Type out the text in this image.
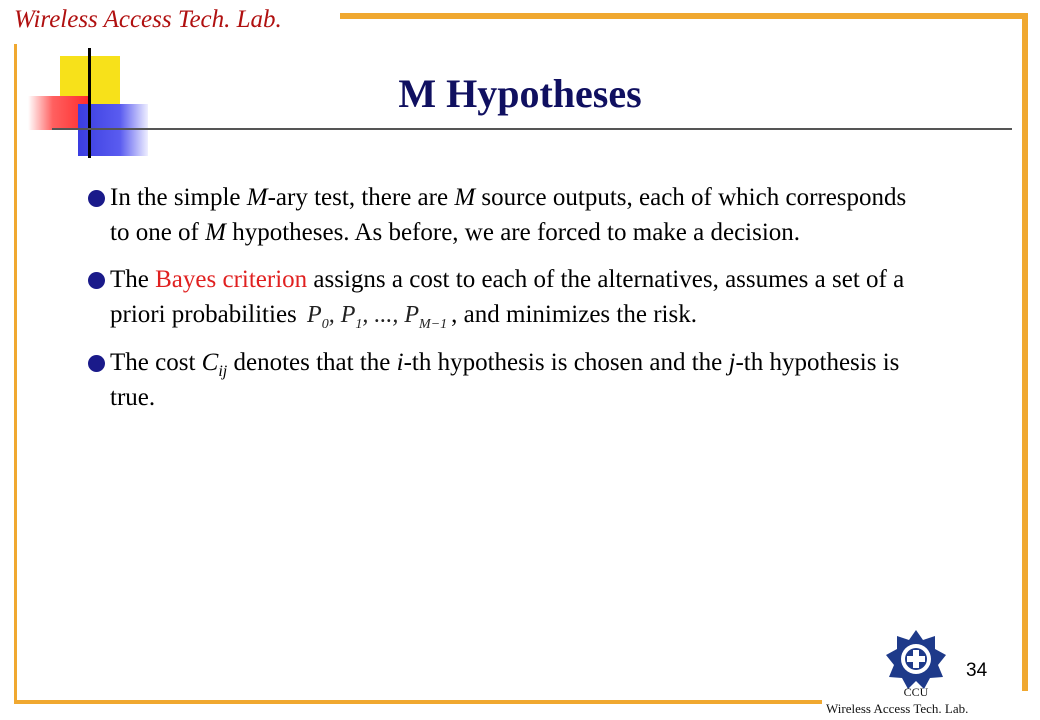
Wireless Access Tech. Lab.
M Hypotheses
In the simple M-ary test, there are M source outputs, each of which corresponds to one of M hypotheses. As before, we are forced to make a decision.
The Bayes criterion assigns a cost to each of the alternatives, assumes a set of a priori probabilities $P_0$, $P_1$, ..., $P_{M-1}$ , and minimizes the risk.
The cost $C_{ij}$ denotes that the i-th hypothesis is chosen and the j-th hypothesis is true.
34
CCU
Wireless Access Tech. Lab.
